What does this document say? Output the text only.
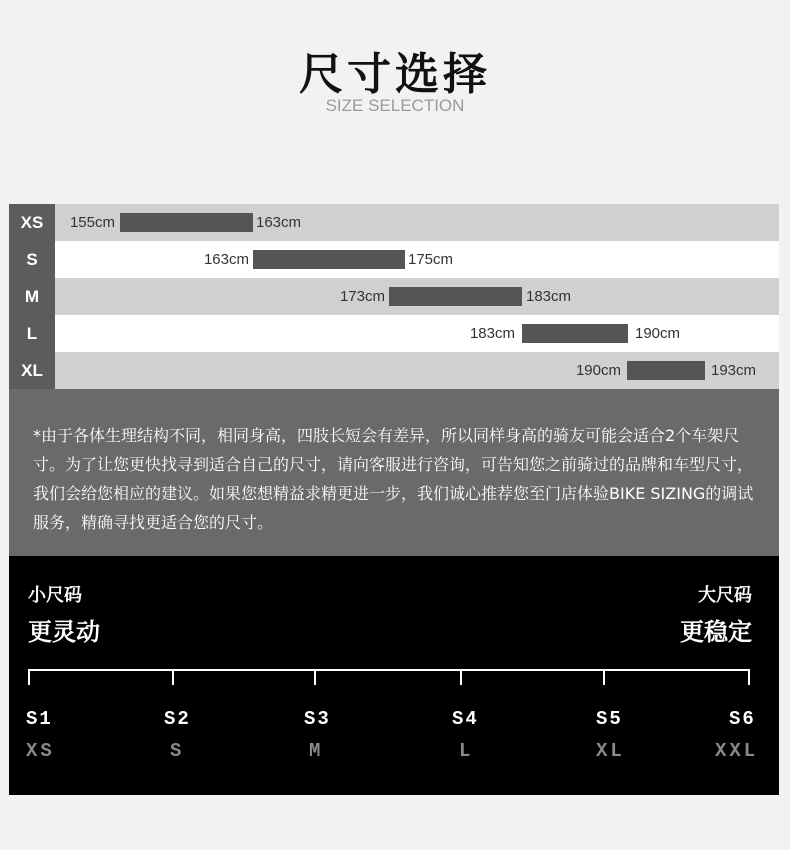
尺寸选择
SIZE SELECTION
XS	155cm	163cm
S	163cm	175cm
M	173cm	183cm
L	183cm	190cm
XL	190cm	193cm

*由于各体生理结构不同，相同身高，四肢长短会有差异，所以同样身高的骑友可能会适合2个车架尺寸。为了让您更快找寻到适合自己的尺寸，请向客服进行咨询，可告知您之前骑过的品牌和车型尺寸，我们会给您相应的建议。如果您想精益求精更进一步，我们诚心推荐您至门店体验BIKE SIZING的调试服务，精确寻找更适合您的尺寸。

小尺码
更灵动
大尺码
更稳定
S1	S2	S3	S4	S5	S6
XS	S	M	L	XL	XXL
